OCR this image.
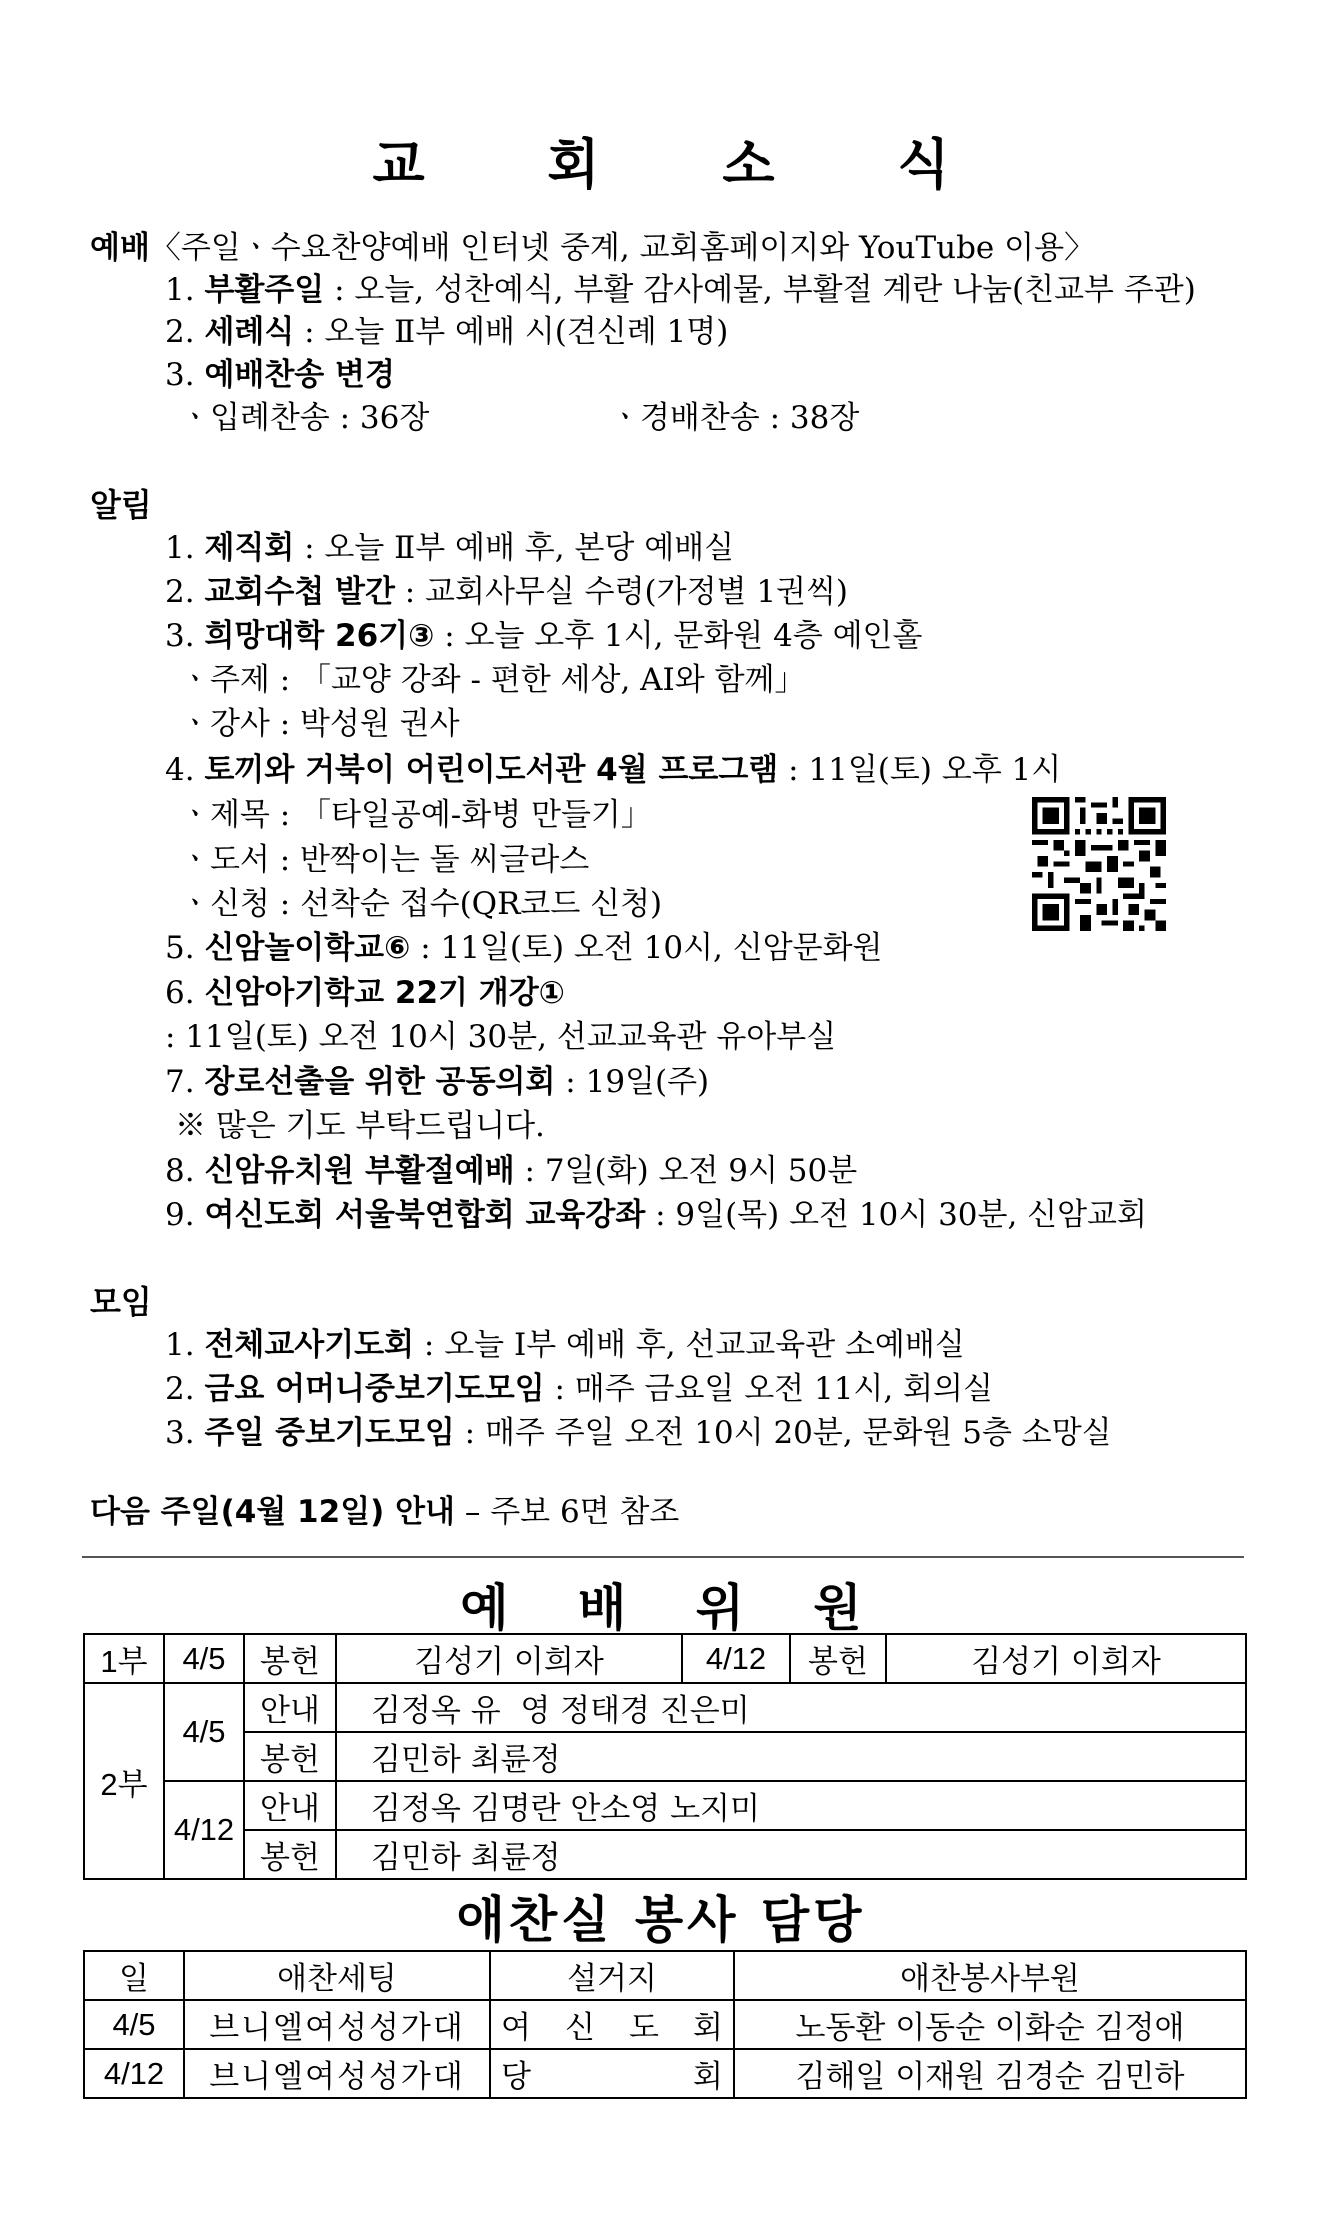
교 회 소 식
예배〈주일ㆍ수요찬양예배 인터넷 중계, 교회홈페이지와 YouTube 이용〉
1. 부활주일 : 오늘, 성찬예식, 부활 감사예물, 부활절 계란 나눔(친교부 주관)
2. 세례식 : 오늘 Ⅱ부 예배 시(견신례 1명)
3. 예배찬송 변경
ㆍ입례찬송 : 36장	ㆍ경배찬송 : 38장
알림
1. 제직회 : 오늘 Ⅱ부 예배 후, 본당 예배실
2. 교회수첩 발간 : 교회사무실 수령(가정별 1권씩)
3. 희망대학 26기③ : 오늘 오후 1시, 문화원 4층 예인홀
ㆍ주제 : 「교양 강좌 - 편한 세상, AI와 함께」
ㆍ강사 : 박성원 권사
4. 토끼와 거북이 어린이도서관 4월 프로그램 : 11일(토) 오후 1시
ㆍ제목 : 「타일공예-화병 만들기」
ㆍ도서 : 반짝이는 돌 씨글라스
ㆍ신청 : 선착순 접수(QR코드 신청)
5. 신암놀이학교⑥ : 11일(토) 오전 10시, 신암문화원
6. 신암아기학교 22기 개강①
: 11일(토) 오전 10시 30분, 선교교육관 유아부실
7. 장로선출을 위한 공동의회 : 19일(주)
※ 많은 기도 부탁드립니다.
8. 신암유치원 부활절예배 : 7일(화) 오전 9시 50분
9. 여신도회 서울북연합회 교육강좌 : 9일(목) 오전 10시 30분, 신암교회
모임
1. 전체교사기도회 : 오늘 Ⅰ부 예배 후, 선교교육관 소예배실
2. 금요 어머니중보기도모임 : 매주 금요일 오전 11시, 회의실
3. 주일 중보기도모임 : 매주 주일 오전 10시 20분, 문화원 5층 소망실
다음 주일(4월 12일) 안내 – 주보 6면 참조
예 배 위 원
1부	4/5	봉헌	김성기 이희자	4/12	봉헌	김성기 이희자
2부	4/5	안내	김정옥 유  영 정태경 진은미			
		봉헌	김민하 최륜정			
	4/12	안내	김정옥 김명란 안소영 노지미			
		봉헌	김민하 최륜정			
애찬실 봉사 담당
일	애찬세팅	설거지	애찬봉사부원
4/5	브니엘여성성가대	여 신 도 회	노동환 이동순 이화순 김정애
4/12	브니엘여성성가대	당 회	김해일 이재원 김경순 김민하
